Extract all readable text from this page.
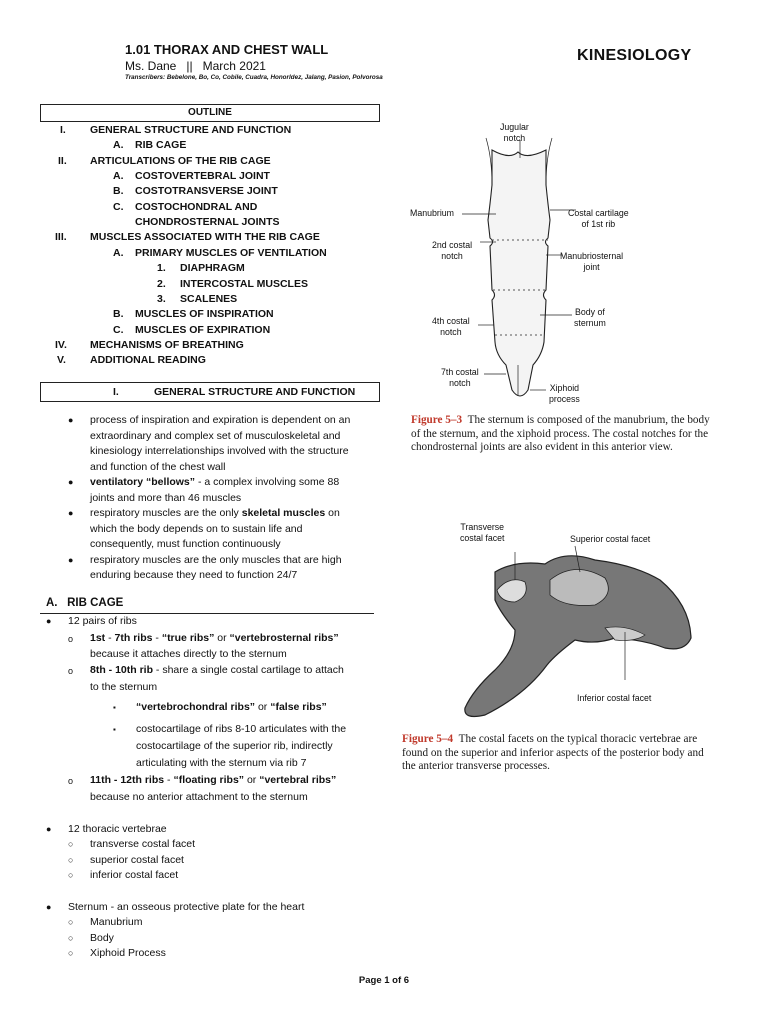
1.01 THORAX AND CHEST WALL	KINESIOLOGY
Ms. Dane   ||   March 2021
Transcribers: Bebelone, Bo, Co, Cobile, Cuadra, Honorldez, Jalang, Pasion, Polvorosa
OUTLINE
I. GENERAL STRUCTURE AND FUNCTION
A. RIB CAGE
II. ARTICULATIONS OF THE RIB CAGE
A. COSTOVERTEBRAL JOINT
B. COSTOTRANSVERSE JOINT
C. COSTOCHONDRAL AND
CHONDROSTERNAL JOINTS
III. MUSCLES ASSOCIATED WITH THE RIB CAGE
A. PRIMARY MUSCLES OF VENTILATION
1. DIAPHRAGM
2. INTERCOSTAL MUSCLES
3. SCALENES
B. MUSCLES OF INSPIRATION
C. MUSCLES OF EXPIRATION
IV. MECHANISMS OF BREATHING
V. ADDITIONAL READING
I.	GENERAL STRUCTURE AND FUNCTION
● process of inspiration and expiration is dependent on an
extraordinary and complex set of musculoskeletal and
kinesiology interrelationships involved with the structure
and function of the chest wall
● ventilatory “bellows” - a complex involving some 88
joints and more than 46 muscles
● respiratory muscles are the only skeletal muscles on
which the body depends on to sustain life and
consequently, must function continuously
● respiratory muscles are the only muscles that are high
enduring because they need to function 24/7
A.   RIB CAGE
● 12 pairs of ribs
o 1st - 7th ribs - “true ribs” or “vertebrosternal ribs”
because it attaches directly to the sternum
o 8th - 10th rib - share a single costal cartilage to attach
to the sternum
▪ “vertebrochondral ribs” or “false ribs”
▪ costocartilage of ribs 8-10 articulates with the
costocartilage of the superior rib, indirectly
articulating with the sternum via rib 7
o 11th - 12th ribs - “floating ribs” or “vertebral ribs”
because no anterior attachment to the sternum
● 12 thoracic vertebrae
○ transverse costal facet
○ superior costal facet
○ inferior costal facet
● Sternum - an osseous protective plate for the heart
○ Manubrium
○ Body
○ Xiphoid Process
Jugular
notch
Manubrium	Costal cartilage
of 1st rib
2nd costal
notch	Manubriosternal
joint
Body of
sternum
4th costal
notch
7th costal
notch	Xiphoid
process
Figure 5–3 The sternum is composed of the manubrium, the body of the sternum, and the xiphoid process. The costal notches for the chondrosternal joints are also evident in this anterior view.
Transverse
costal facet	Superior costal facet
Inferior costal facet
Figure 5–4 The costal facets on the typical thoracic vertebrae are found on the superior and inferior aspects of the posterior body and the anterior transverse processes.
Page 1 of 6
